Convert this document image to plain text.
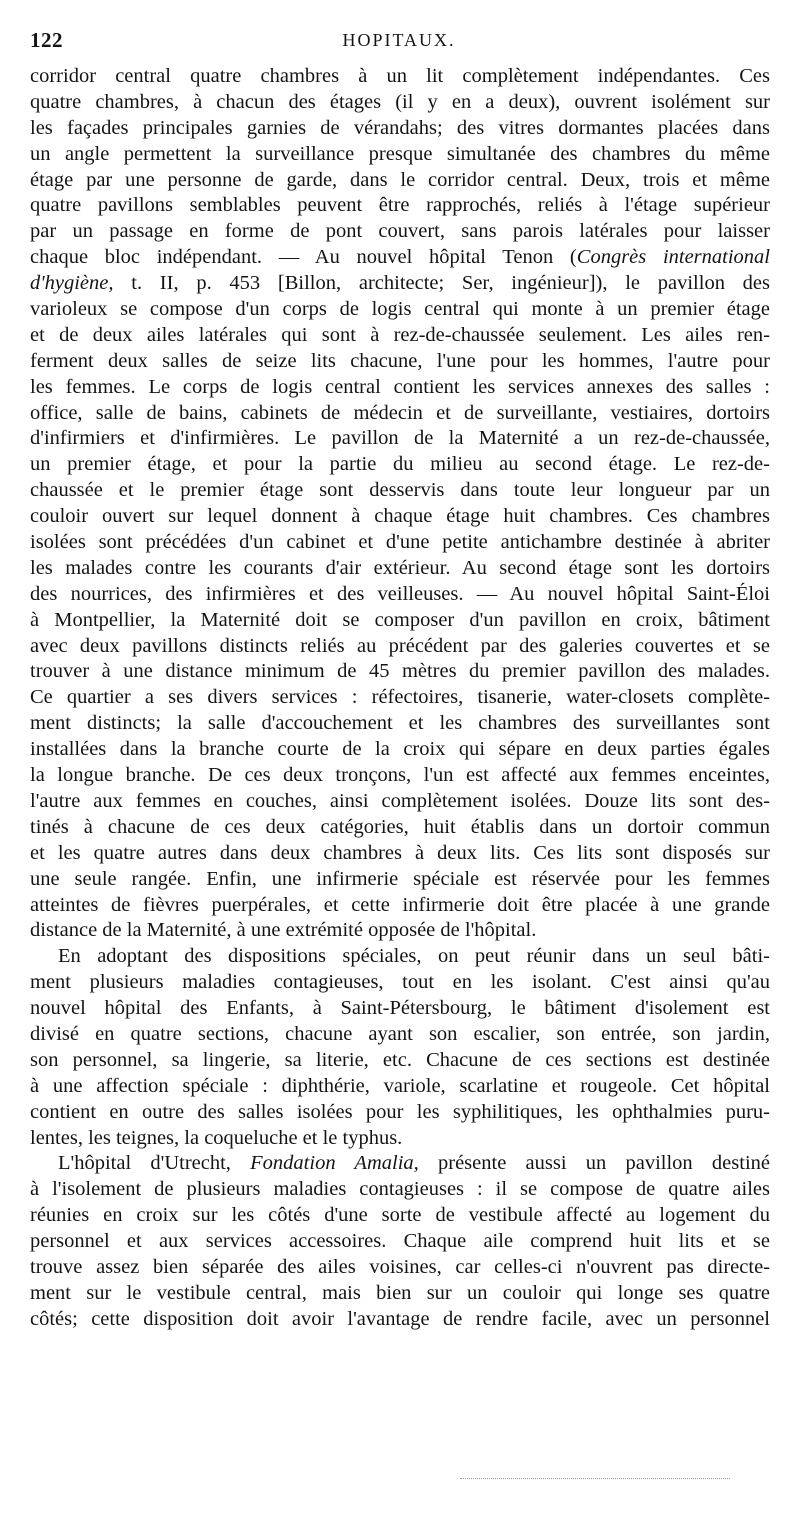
122	HOPITAUX.
corridor central quatre chambres à un lit complètement indépendantes. Ces
quatre chambres, à chacun des étages (il y en a deux), ouvrent isolément sur
les façades principales garnies de vérandahs; des vitres dormantes placées dans
un angle permettent la surveillance presque simultanée des chambres du même
étage par une personne de garde, dans le corridor central. Deux, trois et même
quatre pavillons semblables peuvent être rapprochés, reliés à l'étage supérieur
par un passage en forme de pont couvert, sans parois latérales pour laisser
chaque bloc indépendant. — Au nouvel hôpital Tenon (Congrès international
d'hygiène, t. II, p. 453 [Billon, architecte; Ser, ingénieur]), le pavillon des
varioleux se compose d'un corps de logis central qui monte à un premier étage
et de deux ailes latérales qui sont à rez-de-chaussée seulement. Les ailes ren-
ferment deux salles de seize lits chacune, l'une pour les hommes, l'autre pour
les femmes. Le corps de logis central contient les services annexes des salles :
office, salle de bains, cabinets de médecin et de surveillante, vestiaires, dortoirs
d'infirmiers et d'infirmières. Le pavillon de la Maternité a un rez-de-chaussée,
un premier étage, et pour la partie du milieu au second étage. Le rez-de-
chaussée et le premier étage sont desservis dans toute leur longueur par un
couloir ouvert sur lequel donnent à chaque étage huit chambres. Ces chambres
isolées sont précédées d'un cabinet et d'une petite antichambre destinée à abriter
les malades contre les courants d'air extérieur. Au second étage sont les dortoirs
des nourrices, des infirmières et des veilleuses. — Au nouvel hôpital Saint-Éloi
à Montpellier, la Maternité doit se composer d'un pavillon en croix, bâtiment
avec deux pavillons distincts reliés au précédent par des galeries couvertes et se
trouver à une distance minimum de 45 mètres du premier pavillon des malades.
Ce quartier a ses divers services : réfectoires, tisanerie, water-closets complète-
ment distincts; la salle d'accouchement et les chambres des surveillantes sont
installées dans la branche courte de la croix qui sépare en deux parties égales
la longue branche. De ces deux tronçons, l'un est affecté aux femmes enceintes,
l'autre aux femmes en couches, ainsi complètement isolées. Douze lits sont des-
tinés à chacune de ces deux catégories, huit établis dans un dortoir commun
et les quatre autres dans deux chambres à deux lits. Ces lits sont disposés sur
une seule rangée. Enfin, une infirmerie spéciale est réservée pour les femmes
atteintes de fièvres puerpérales, et cette infirmerie doit être placée à une grande
distance de la Maternité, à une extrémité opposée de l'hôpital.
En adoptant des dispositions spéciales, on peut réunir dans un seul bâti-
ment plusieurs maladies contagieuses, tout en les isolant. C'est ainsi qu'au
nouvel hôpital des Enfants, à Saint-Pétersbourg, le bâtiment d'isolement est
divisé en quatre sections, chacune ayant son escalier, son entrée, son jardin,
son personnel, sa lingerie, sa literie, etc. Chacune de ces sections est destinée
à une affection spéciale : diphthérie, variole, scarlatine et rougeole. Cet hôpital
contient en outre des salles isolées pour les syphilitiques, les ophthalmies puru-
lentes, les teignes, la coqueluche et le typhus.
L'hôpital d'Utrecht, Fondation Amalia, présente aussi un pavillon destiné
à l'isolement de plusieurs maladies contagieuses : il se compose de quatre ailes
réunies en croix sur les côtés d'une sorte de vestibule affecté au logement du
personnel et aux services accessoires. Chaque aile comprend huit lits et se
trouve assez bien séparée des ailes voisines, car celles-ci n'ouvrent pas directe-
ment sur le vestibule central, mais bien sur un couloir qui longe ses quatre
côtés; cette disposition doit avoir l'avantage de rendre facile, avec un personnel
